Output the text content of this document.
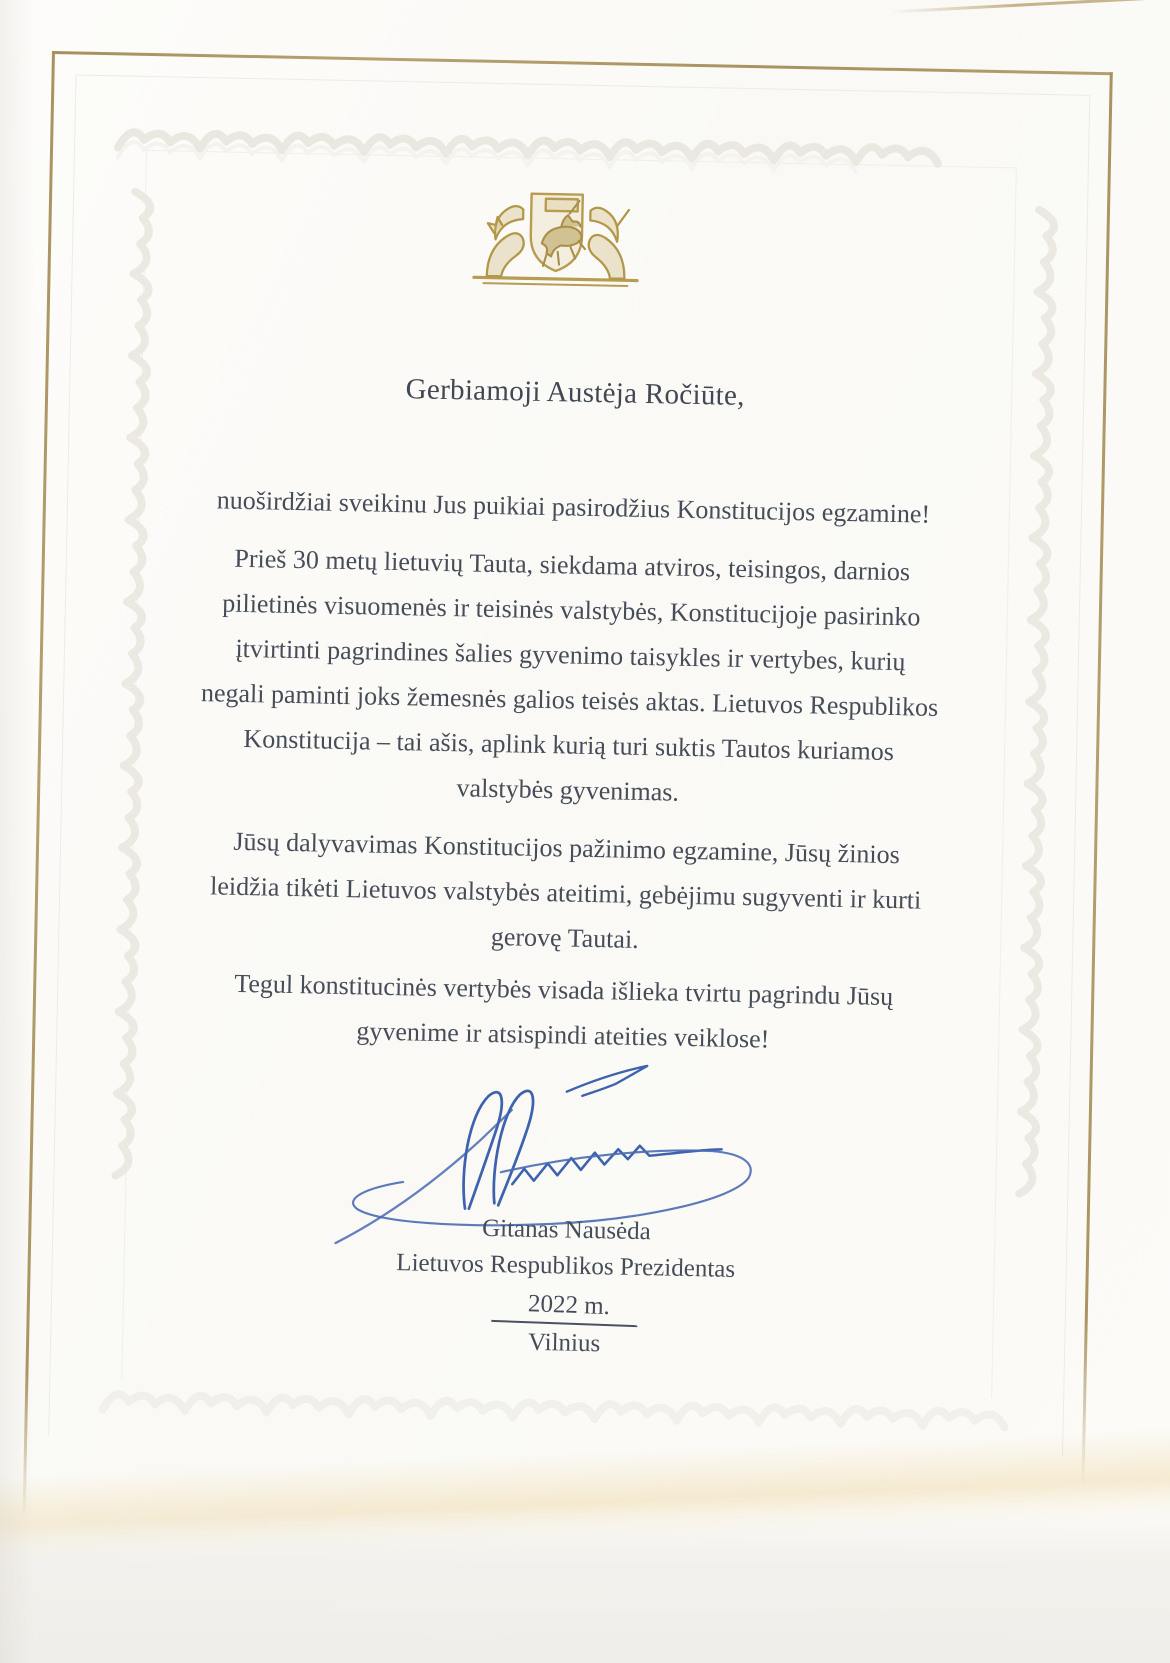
Gerbiamoji Austėja Ročiūte,
nuoširdžiai sveikinu Jus puikiai pasirodžius Konstitucijos egzamine!
Prieš 30 metų lietuvių Tauta, siekdama atviros, teisingos, darnios
pilietinės visuomenės ir teisinės valstybės, Konstitucijoje pasirinko
įtvirtinti pagrindines šalies gyvenimo taisykles ir vertybes, kurių
negali paminti joks žemesnės galios teisės aktas. Lietuvos Respublikos
Konstitucija – tai ašis, aplink kurią turi suktis Tautos kuriamos
valstybės gyvenimas.
Jūsų dalyvavimas Konstitucijos pažinimo egzamine, Jūsų žinios
leidžia tikėti Lietuvos valstybės ateitimi, gebėjimu sugyventi ir kurti
gerovę Tautai.
Tegul konstitucinės vertybės visada išlieka tvirtu pagrindu Jūsų
gyvenime ir atsispindi ateities veiklose!
Gitanas Nausėda
Lietuvos Respublikos Prezidentas
2022 m.
Vilnius
